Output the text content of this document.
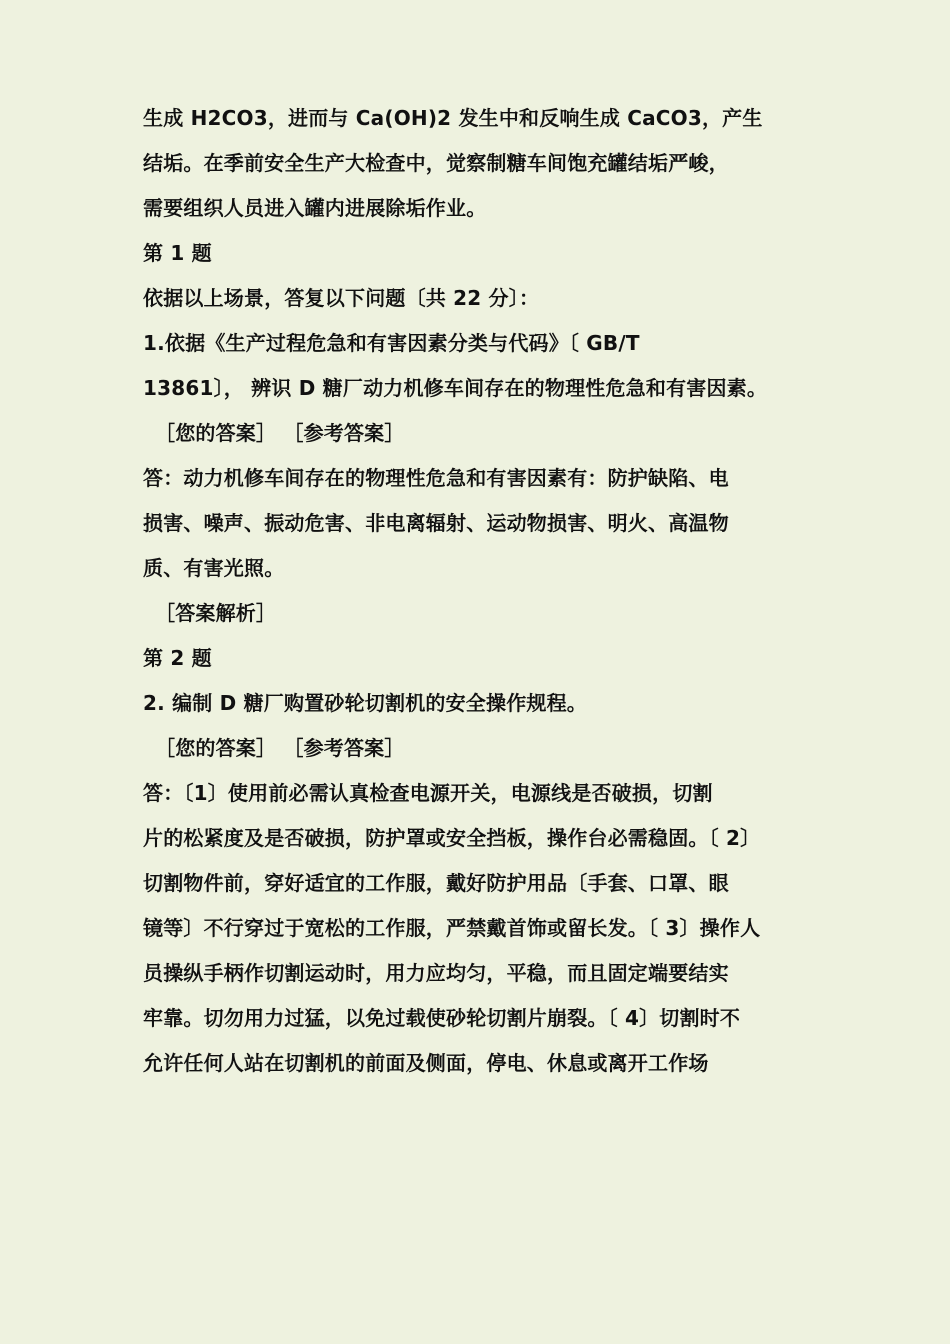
生成 H2CO3，进而与 Ca(OH)2 发生中和反响生成 CaCO3，产生
结垢。在季前安全生产大检查中，觉察制糖车间饱充罐结垢严峻，
需要组织人员进入罐内进展除垢作业。
第 1 题
依据以上场景，答复以下问题〔共 22 分〕：
1.依据《生产过程危急和有害因素分类与代码》〔 GB/T
13861〕， 辨识 D 糖厂动力机修车间存在的物理性危急和有害因素。
［您的答案］ ［参考答案］
答：动力机修车间存在的物理性危急和有害因素有：防护缺陷、电
损害、噪声、振动危害、非电离辐射、运动物损害、明火、高温物
质、有害光照。
［答案解析］
第 2 题
2. 编制 D 糖厂购置砂轮切割机的安全操作规程。
［您的答案］ ［参考答案］
答：〔1〕使用前必需认真检查电源开关，电源线是否破损，切割
片的松紧度及是否破损，防护罩或安全挡板，操作台必需稳固。〔 2〕
切割物件前，穿好适宜的工作服，戴好防护用品〔手套、口罩、眼
镜等〕不行穿过于宽松的工作服，严禁戴首饰或留长发。〔 3〕操作人
员操纵手柄作切割运动时，用力应均匀，平稳，而且固定端要结实
牢靠。切勿用力过猛，以免过载使砂轮切割片崩裂。〔 4〕切割时不
允许任何人站在切割机的前面及侧面，停电、休息或离开工作场
